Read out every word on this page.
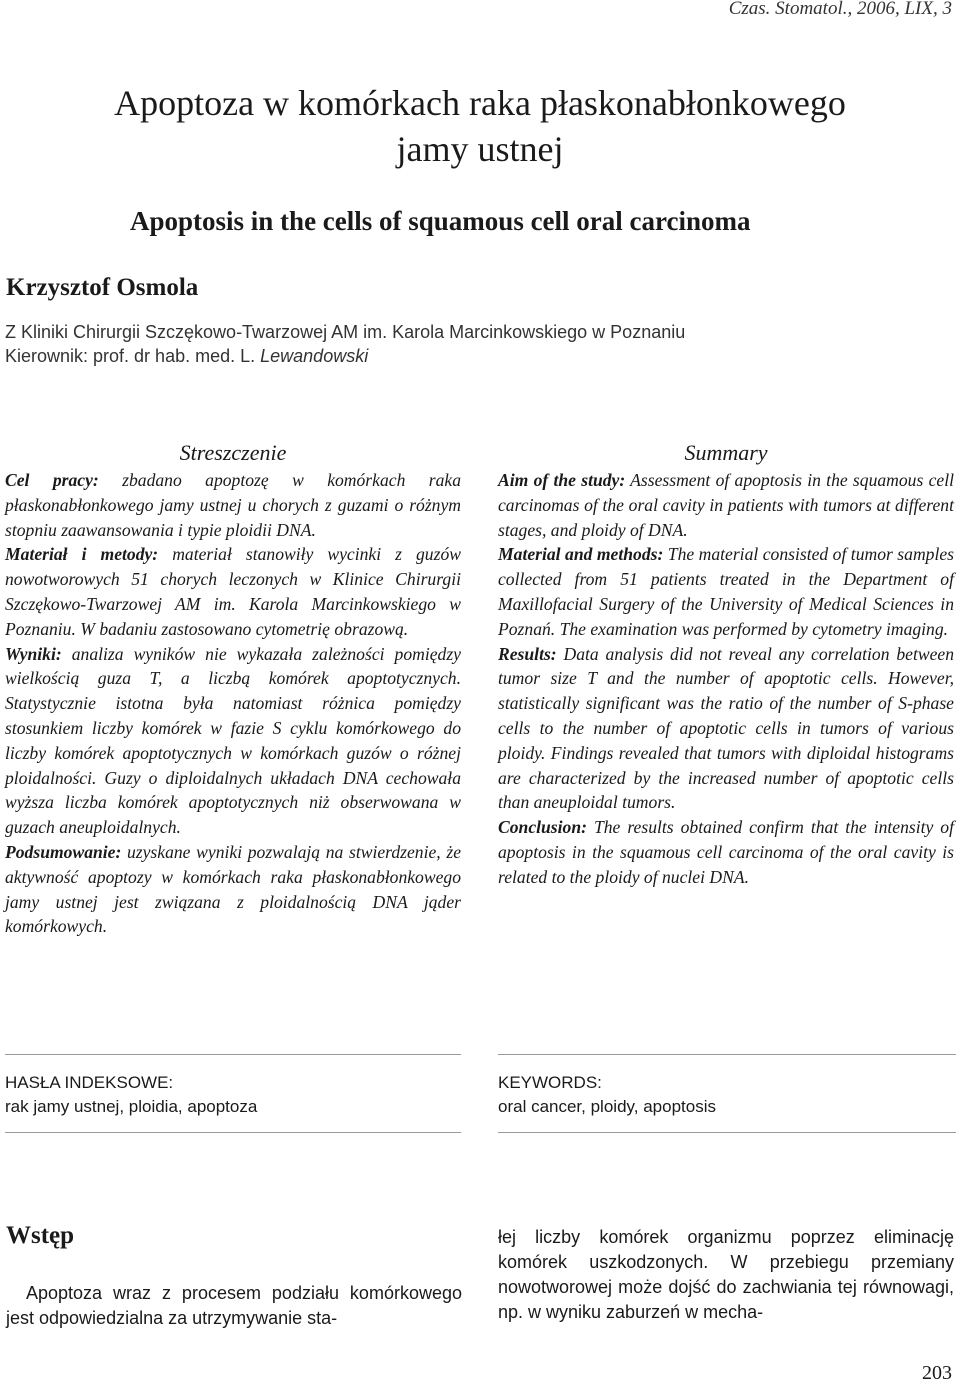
Czas. Stomatol., 2006, LIX, 3
Apoptoza w komórkach raka płaskonabłonkowego
jamy ustnej
Apoptosis in the cells of squamous cell oral carcinoma
Krzysztof Osmola
Z Kliniki Chirurgii Szczękowo-Twarzowej AM im. Karola Marcinkowskiego w Poznaniu
Kierownik: prof. dr hab. med. L. Lewandowski
Streszczenie

Cel pracy: zbadano apoptozę w komórkach raka płaskonabłonkowego jamy ustnej u chorych z guzami o różnym stopniu zaawansowania i typie ploidii DNA.

Materiał i metody: materiał stanowiły wycinki z guzów nowotworowych 51 chorych leczonych w Klinice Chirurgii Szczękowo-Twarzowej AM im. Karola Marcinkowskiego w Poznaniu. W badaniu zastosowano cytometrię obrazową.

Wyniki: analiza wyników nie wykazała zależności pomiędzy wielkością guza T, a liczbą komórek apoptotycznych. Statystycznie istotna była natomiast różnica pomiędzy stosunkiem liczby komórek w fazie S cyklu komórkowego do liczby komórek apoptotycznych w komórkach guzów o różnej ploidalności. Guzy o diploidalnych układach DNA cechowała wyższa liczba komórek apoptotycznych niż obserwowana w guzach aneuploidalnych.

Podsumowanie: uzyskane wyniki pozwalają na stwierdzenie, że aktywność apoptozy w komórkach raka płaskonabłonkowego jamy ustnej jest związana z ploidalnością DNA jąder komórkowych.

Summary

Aim of the study: Assessment of apoptosis in the squamous cell carcinomas of the oral cavity in patients with tumors at different stages, and ploidy of DNA.

Material and methods: The material consisted of tumor samples collected from 51 patients treated in the Department of Maxillofacial Surgery of the University of Medical Sciences in Poznań. The examination was performed by cytometry imaging.

Results: Data analysis did not reveal any correlation between tumor size T and the number of apoptotic cells. However, statistically significant was the ratio of the number of S-phase cells to the number of apoptotic cells in tumors of various ploidy. Findings revealed that tumors with diploidal histograms are characterized by the increased number of apoptotic cells than aneuploidal tumors.

Conclusion: The results obtained confirm that the intensity of apoptosis in the squamous cell carcinoma of the oral cavity is related to the ploidy of nuclei DNA.

HASŁA INDEKSOWE:
rak jamy ustnej, ploidia, apoptoza
KEYWORDS:
oral cancer, ploidy, apoptosis
Wstęp
Apoptoza wraz z procesem podziału komórkowego jest odpowiedzialna za utrzymywanie sta-
łej liczby komórek organizmu poprzez eliminację komórek uszkodzonych. W przebiegu przemiany nowotworowej może dojść do zachwiania tej równowagi, np. w wyniku zaburzeń w mecha-
203
